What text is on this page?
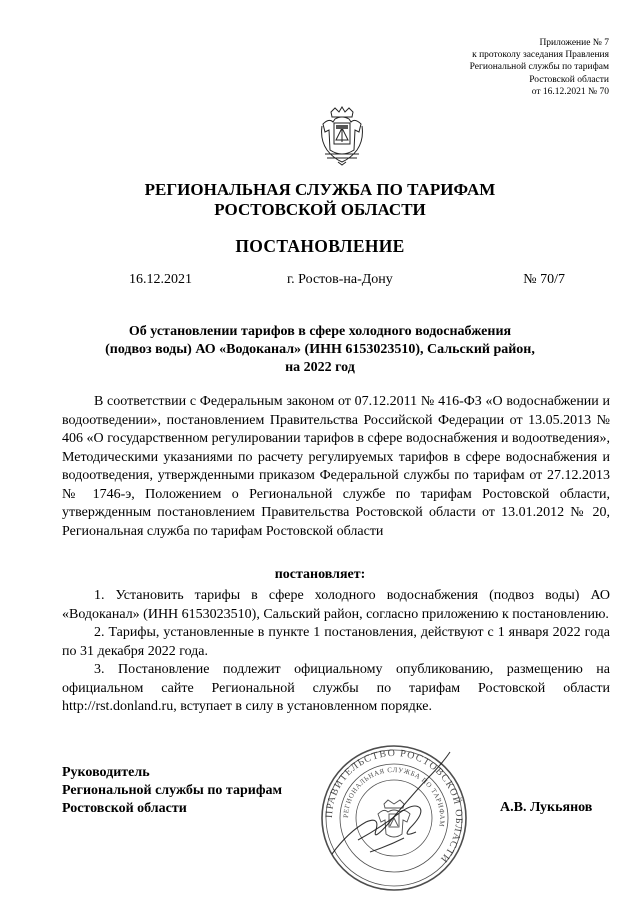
Приложение № 7
к протоколу заседания Правления
Региональной службы по тарифам
Ростовской области
от 16.12.2021 № 70
РЕГИОНАЛЬНАЯ СЛУЖБА ПО ТАРИФАМ
РОСТОВСКОЙ ОБЛАСТИ
ПОСТАНОВЛЕНИЕ
16.12.2021	г. Ростов-на-Дону	№ 70/7
Об установлении тарифов в сфере холодного водоснабжения
(подвоз воды) АО «Водоканал» (ИНН 6153023510), Сальский район,
на 2022 год
В соответствии с Федеральным законом от 07.12.2011 № 416-ФЗ «О водоснабжении и водоотведении», постановлением Правительства Российской Федерации от 13.05.2013 № 406 «О государственном регулировании тарифов в сфере водоснабжения и водоотведения», Методическими указаниями по расчету регулируемых тарифов в сфере водоснабжения и водоотведения, утвержденными приказом Федеральной службы по тарифам от 27.12.2013 № 1746-э, Положением о Региональной службе по тарифам Ростовской области, утвержденным постановлением Правительства Ростовской области от 13.01.2012 № 20, Региональная служба по тарифам Ростовской области
постановляет:

1. Установить тарифы в сфере холодного водоснабжения (подвоз воды) АО «Водоканал» (ИНН 6153023510), Сальский район, согласно приложению к постановлению.

2. Тарифы, установленные в пункте 1 постановления, действуют с 1 января 2022 года по 31 декабря 2022 года.

3. Постановление подлежит официальному опубликованию, размещению на официальном сайте Региональной службы по тарифам Ростовской области http://rst.donland.ru, вступает в силу в установленном порядке.

Руководитель
Региональной службы по тарифам
Ростовской области	ПРАВИТЕЛЬСТВО РОСТОВСКОЙ ОБЛАСТИ
РЕГИОНАЛЬНАЯ СЛУЖБА ПО ТАРИФАМ
А.В. Лукьянов
